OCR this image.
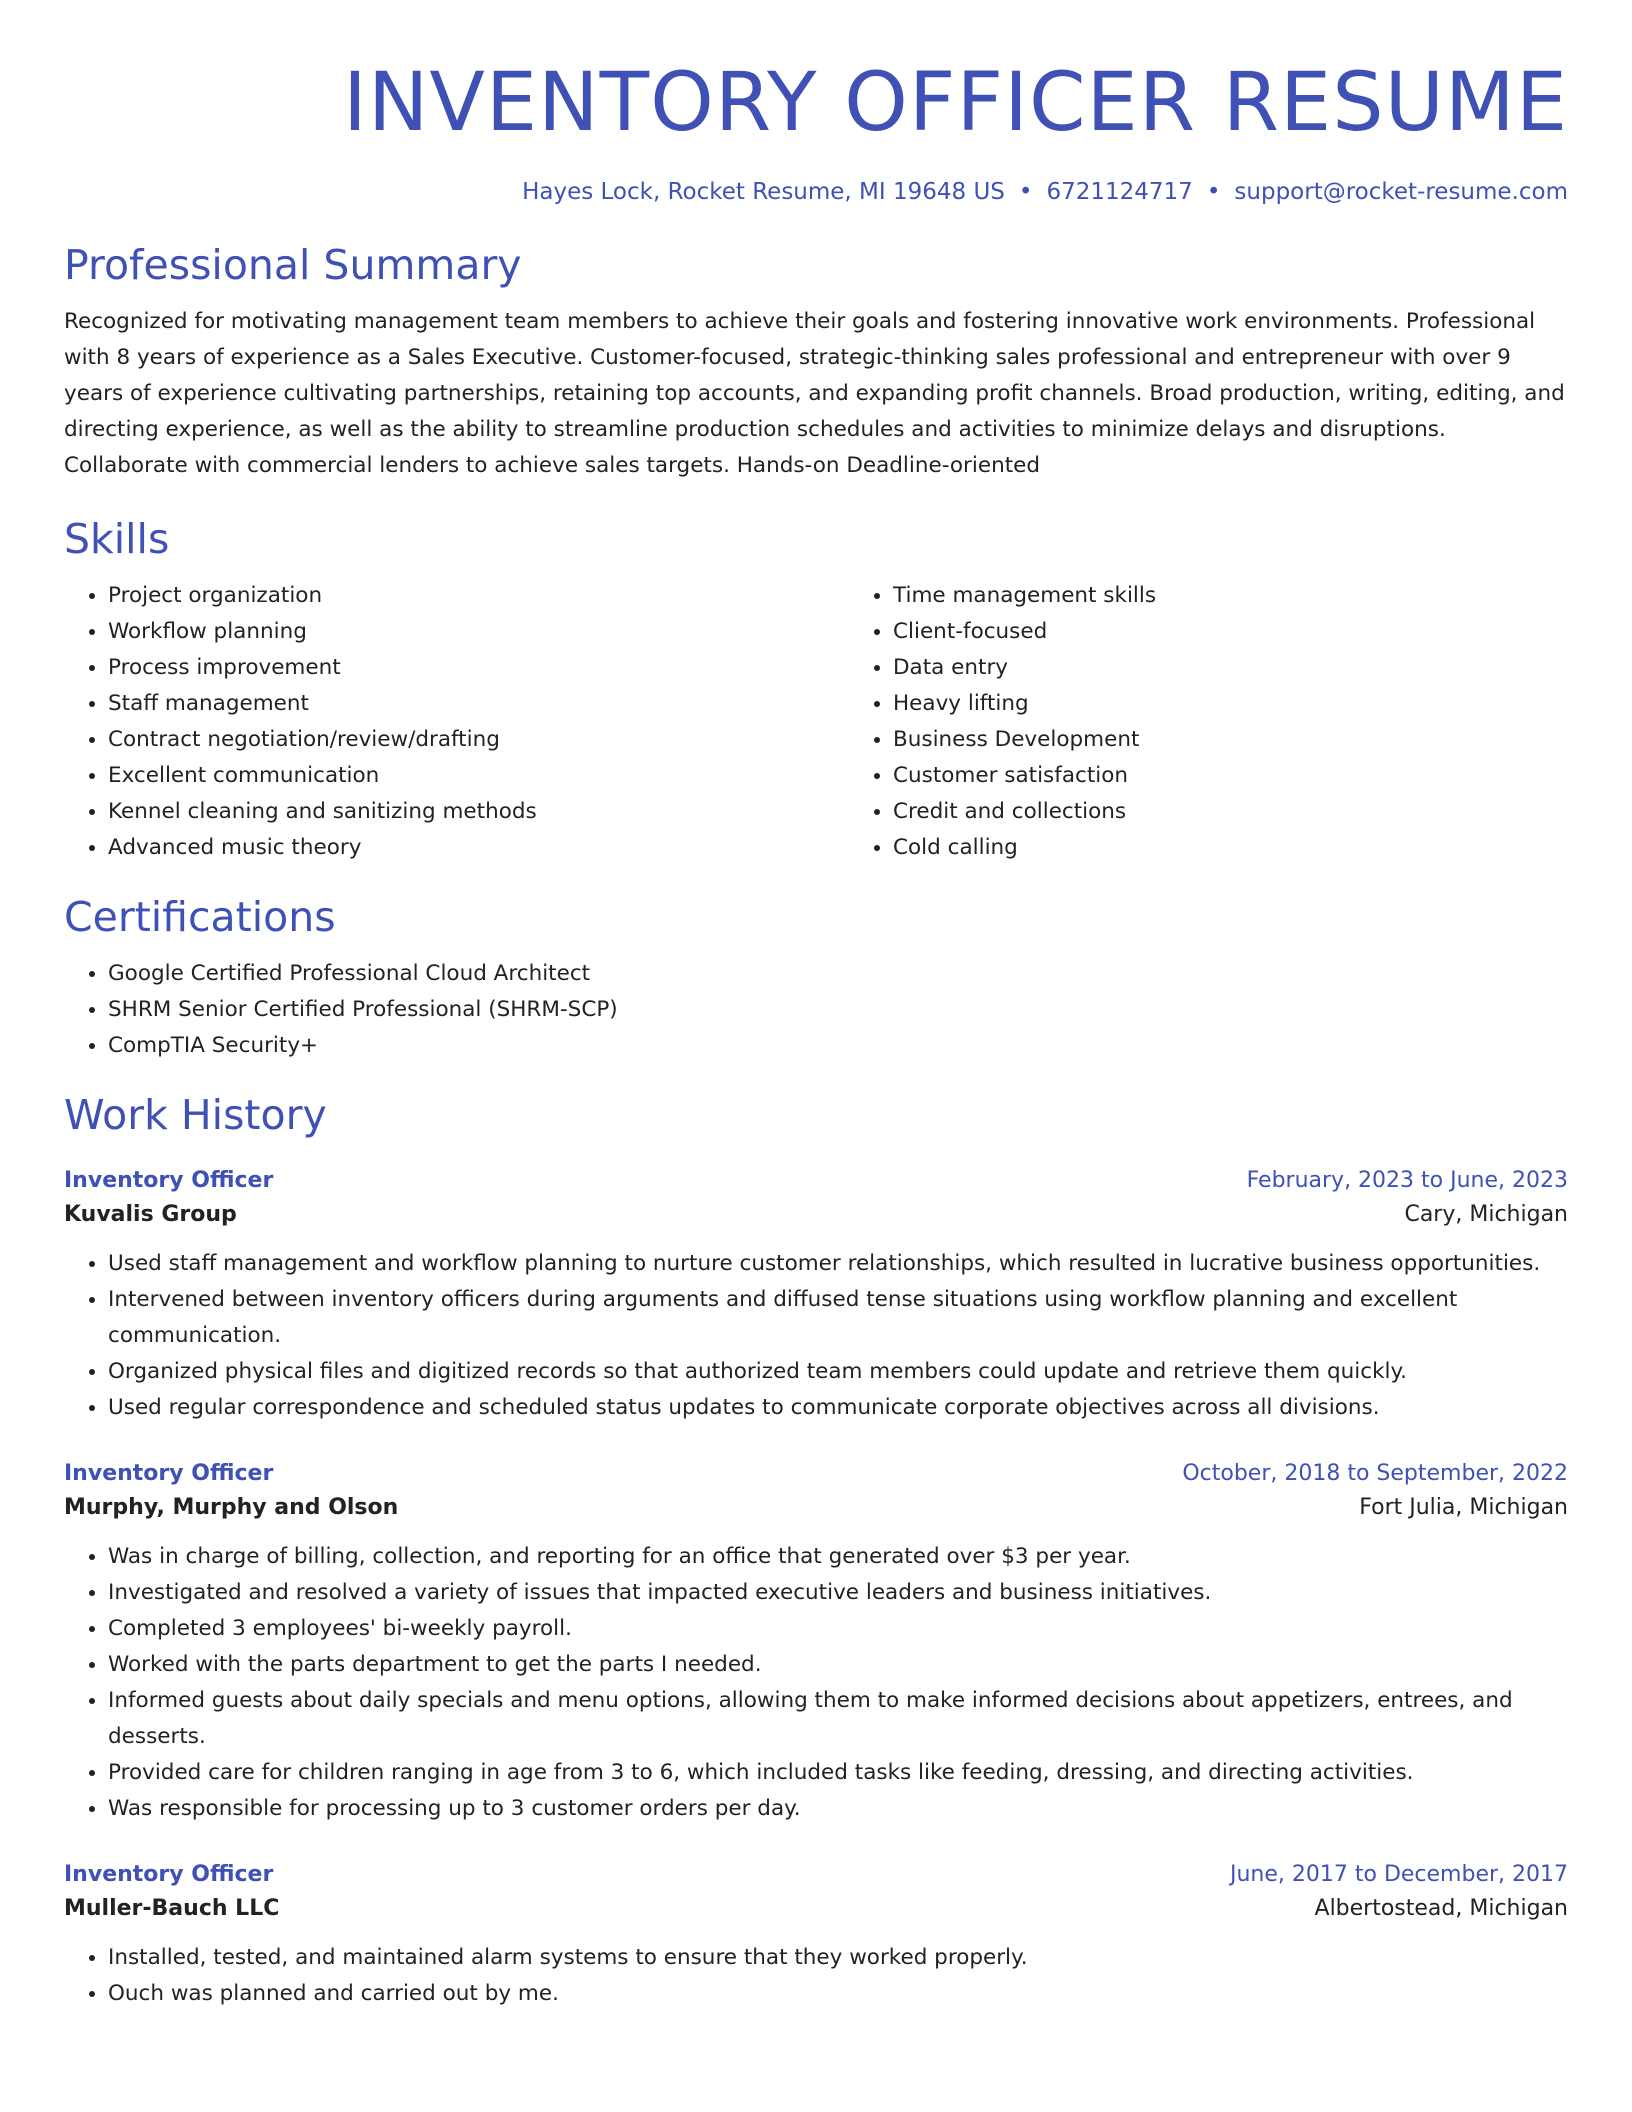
INVENTORY OFFICER RESUME
Hayes Lock, Rocket Resume, MI 19648 US • 6721124717 • support@rocket-resume.com
Professional Summary

Recognized for motivating management team members to achieve their goals and fostering innovative work environments. Professional with 8 years of experience as a Sales Executive. Customer-focused, strategic-thinking sales professional and entrepreneur with over 9 years of experience cultivating partnerships, retaining top accounts, and expanding profit channels. Broad production, writing, editing, and directing experience, as well as the ability to streamline production schedules and activities to minimize delays and disruptions. Collaborate with commercial lenders to achieve sales targets. Hands-on Deadline-oriented

Skills
• Project organization
• Workflow planning
• Process improvement
• Staff management
• Contract negotiation/review/drafting
• Excellent communication
• Kennel cleaning and sanitizing methods
• Advanced music theory
• Time management skills
• Client-focused
• Data entry
• Heavy lifting
• Business Development
• Customer satisfaction
• Credit and collections
• Cold calling
Certifications
• Google Certified Professional Cloud Architect
• SHRM Senior Certified Professional (SHRM-SCP)
• CompTIA Security+
Work History
Inventory Officer	February, 2023 to June, 2023
Kuvalis Group	Cary, Michigan
• Used staff management and workflow planning to nurture customer relationships, which resulted in lucrative business opportunities.
• Intervened between inventory officers during arguments and diffused tense situations using workflow planning and excellent communication.
• Organized physical files and digitized records so that authorized team members could update and retrieve them quickly.
• Used regular correspondence and scheduled status updates to communicate corporate objectives across all divisions.
Inventory Officer	October, 2018 to September, 2022
Murphy, Murphy and Olson	Fort Julia, Michigan
• Was in charge of billing, collection, and reporting for an office that generated over $3 per year.
• Investigated and resolved a variety of issues that impacted executive leaders and business initiatives.
• Completed 3 employees' bi-weekly payroll.
• Worked with the parts department to get the parts I needed.
• Informed guests about daily specials and menu options, allowing them to make informed decisions about appetizers, entrees, and desserts.
• Provided care for children ranging in age from 3 to 6, which included tasks like feeding, dressing, and directing activities.
• Was responsible for processing up to 3 customer orders per day.
Inventory Officer	June, 2017 to December, 2017
Muller-Bauch LLC	Albertostead, Michigan
• Installed, tested, and maintained alarm systems to ensure that they worked properly.
• Ouch was planned and carried out by me.
